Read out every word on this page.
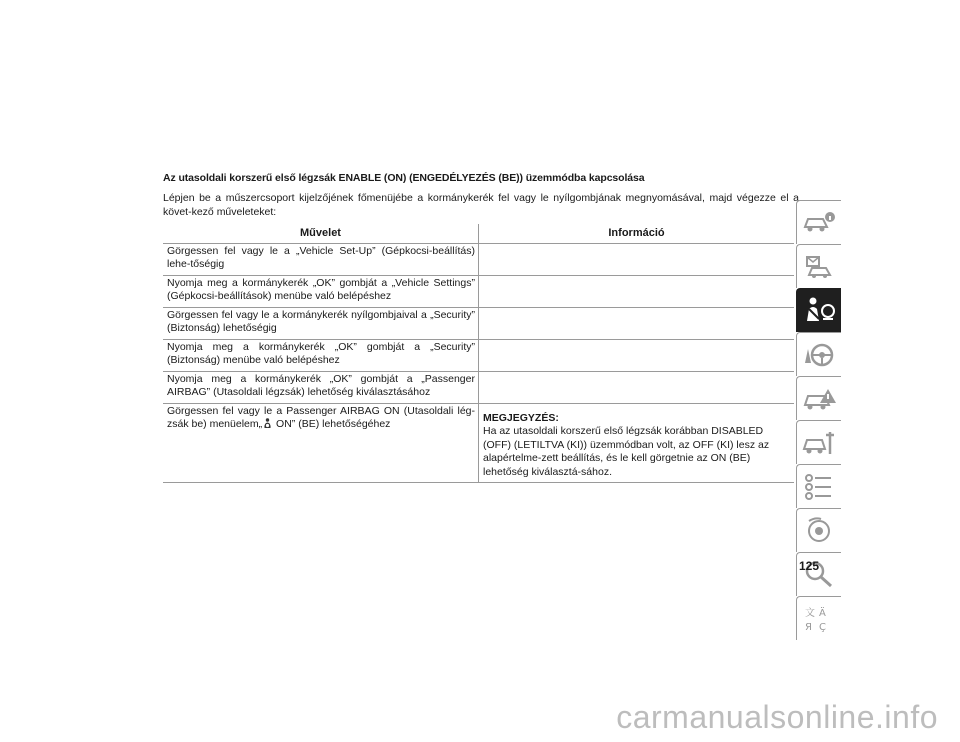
Az utasoldali korszerű első légzsák ENABLE (ON) (ENGEDÉLYEZÉS (BE)) üzemmódba kapcsolása
Lépjen be a műszercsoport kijelzőjének főmenüjébe a kormánykerék fel vagy le nyílgombjának megnyomásával, majd végezze el a követ-kező műveleteket:
Művelet	Információ
Görgessen fel vagy le a „Vehicle Set-Up” (Gépkocsi-beállítás) lehe-tőségig	
Nyomja meg a kormánykerék „OK” gombját a „Vehicle Settings” (Gépkocsi-beállítások) menübe való belépéshez	
Görgessen fel vagy le a kormánykerék nyílgombjaival a „Security” (Biztonság) lehetőségig	
Nyomja meg a kormánykerék „OK” gombját a „Security” (Biztonság) menübe való belépéshez	
Nyomja meg a kormánykerék „OK” gombját a „Passenger AIRBAG” (Utasoldali légzsák) lehetőség kiválasztásához	
Görgessen fel vagy le a Passenger AIRBAG ON (Utasoldali lég-zsák be) menüelem„ ON” (BE) lehetőségéhez	MEGJEGYZÉS:
Ha az utasoldali korszerű első légzsák korábban DISABLED (OFF) (LETILTVA (KI)) üzemmódban volt, az OFF (KI) lesz az alapértelme-zett beállítás, és le kell görgetnie az ON (BE) lehetőség kiválasztá-sához.
文 Ä
Я Ç
125
carmanualsonline.info
